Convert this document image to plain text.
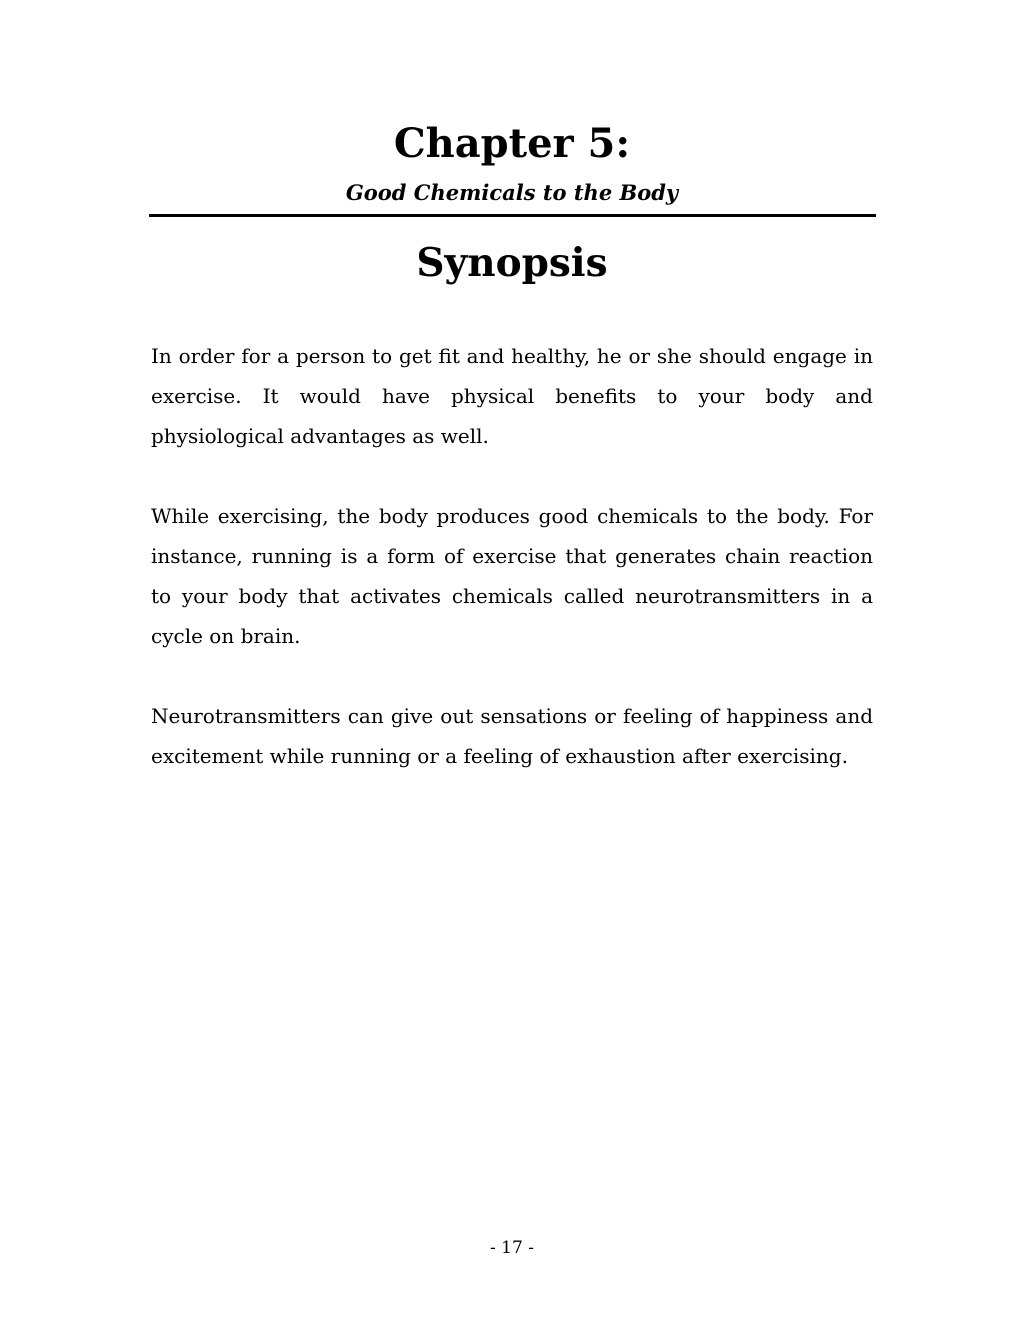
Chapter 5:
Good Chemicals to the Body
Synopsis

In order for a person to get fit and healthy, he or she should engage in exercise. It would have physical benefits to your body and physiological advantages as well.

While exercising, the body produces good chemicals to the body. For instance, running is a form of exercise that generates chain reaction to your body that activates chemicals called neurotransmitters in a cycle on brain.

Neurotransmitters can give out sensations or feeling of happiness and excitement while running or a feeling of exhaustion after exercising.

- 17 -
